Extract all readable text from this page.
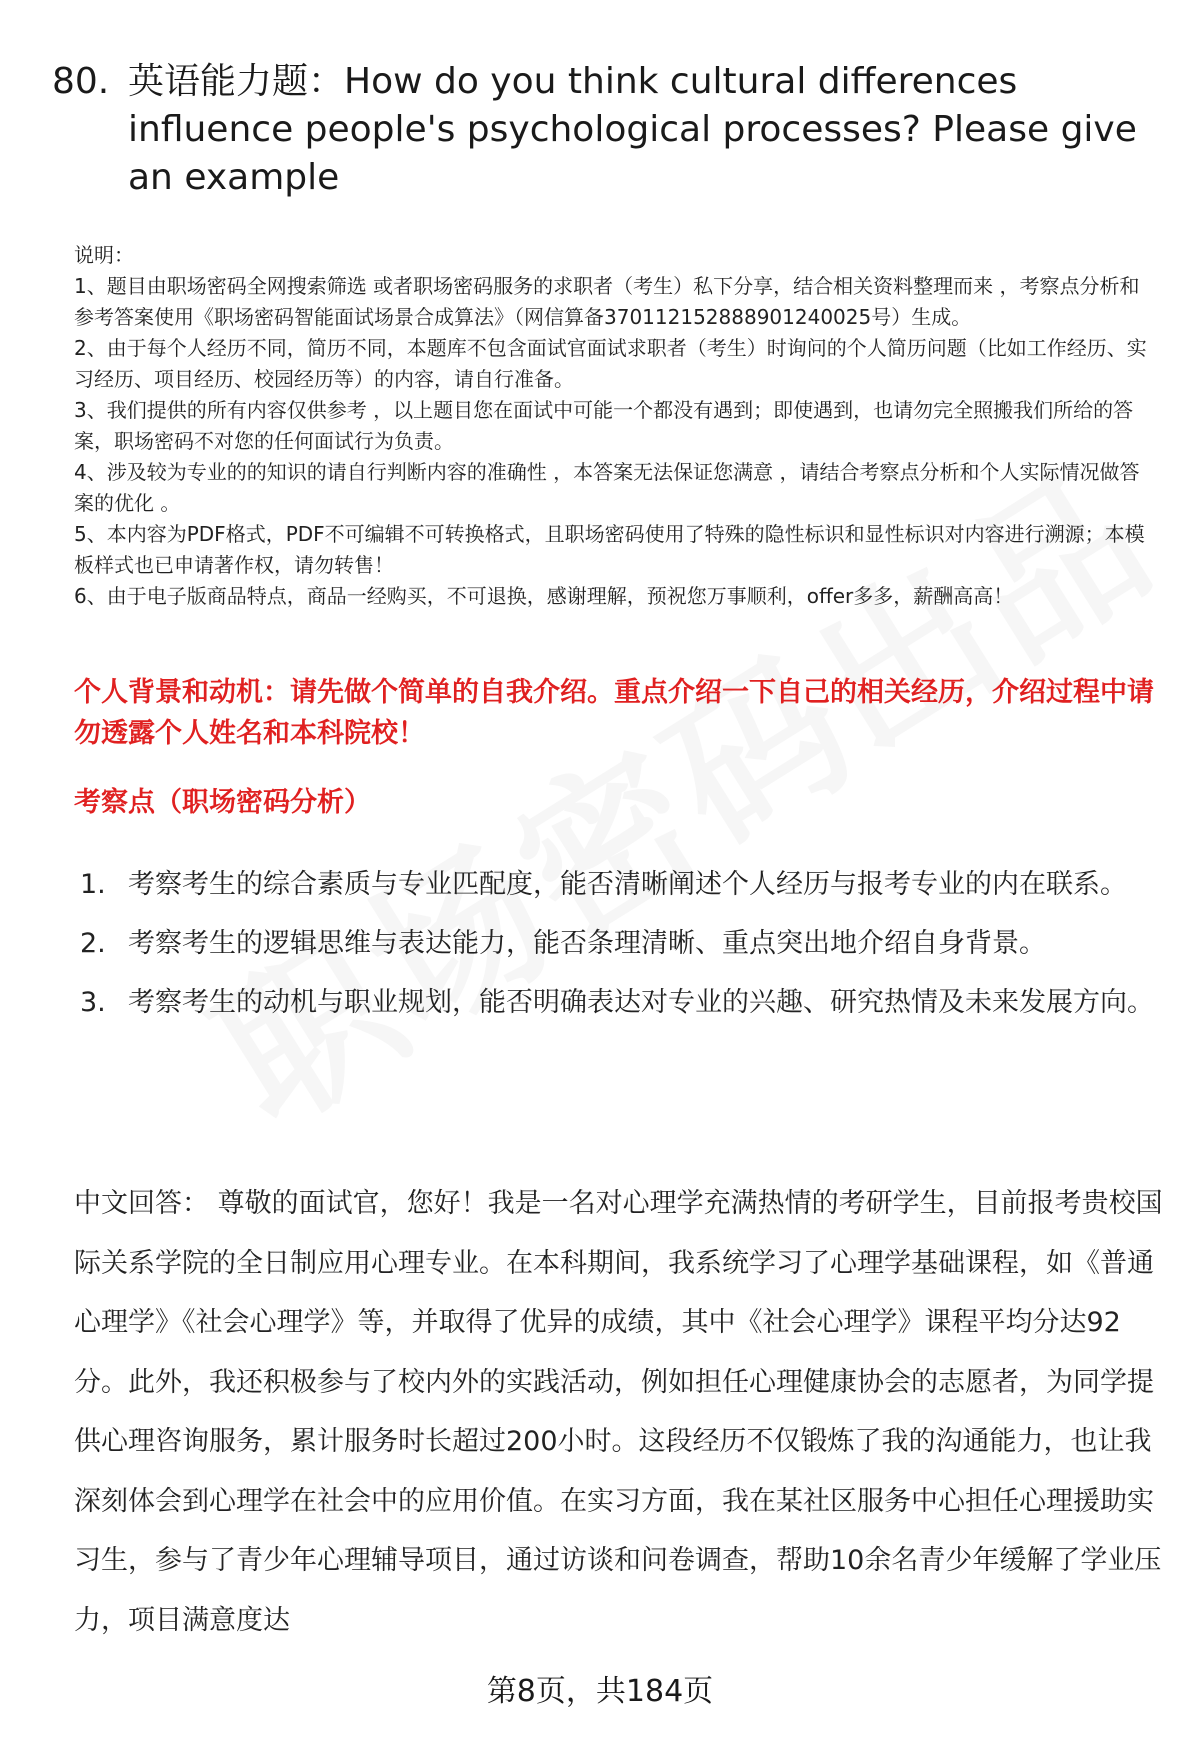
80. 英语能力题：How do you think cultural differences influence people's psychological processes? Please give an example

说明：

1、题目由职场密码全网搜索筛选 或者职场密码服务的求职者（考生）私下分享，结合相关资料整理而来 ，考察点分析和参考答案使用《职场密码智能面试场景合成算法》（网信算备370112152888901240025号）生成。

2、由于每个人经历不同，简历不同，本题库不包含面试官面试求职者（考生）时询问的个人简历问题（比如工作经历、实习经历、项目经历、校园经历等）的内容，请自行准备。

3、我们提供的所有内容仅供参考 ，以上题目您在面试中可能一个都没有遇到；即使遇到，也请勿完全照搬我们所给的答案，职场密码不对您的任何面试行为负责。

4、涉及较为专业的的知识的请自行判断内容的准确性 ，本答案无法保证您满意 ，请结合考察点分析和个人实际情况做答案的优化 。

5、本内容为PDF格式，PDF不可编辑不可转换格式，且职场密码使用了特殊的隐性标识和显性标识对内容进行溯源；本模板样式也已申请著作权，请勿转售！

6、由于电子版商品特点，商品一经购买，不可退换，感谢理解，预祝您万事顺利，offer多多，薪酬高高！

个人背景和动机：请先做个简单的自我介绍。重点介绍一下自己的相关经历，介绍过程中请勿透露个人姓名和本科院校！
考察点（职场密码分析）
1. 考察考生的综合素质与专业匹配度，能否清晰阐述个人经历与报考专业的内在联系。
2. 考察考生的逻辑思维与表达能力，能否条理清晰、重点突出地介绍自身背景。
3. 考察考生的动机与职业规划，能否明确表达对专业的兴趣、研究热情及未来发展方向。

中文回答： 尊敬的面试官，您好！我是一名对心理学充满热情的考研学生，目前报考贵校国际关系学院的全日制应用心理专业。在本科期间，我系统学习了心理学基础课程，如《普通心理学》《社会心理学》等，并取得了优异的成绩，其中《社会心理学》课程平均分达92分。此外，我还积极参与了校内外的实践活动，例如担任心理健康协会的志愿者，为同学提供心理咨询服务，累计服务时长超过200小时。这段经历不仅锻炼了我的沟通能力，也让我深刻体会到心理学在社会中的应用价值。在实习方面，我在某社区服务中心担任心理援助实习生，参与了青少年心理辅导项目，通过访谈和问卷调查，帮助10余名青少年缓解了学业压力，项目满意度达

第8页，共184页
